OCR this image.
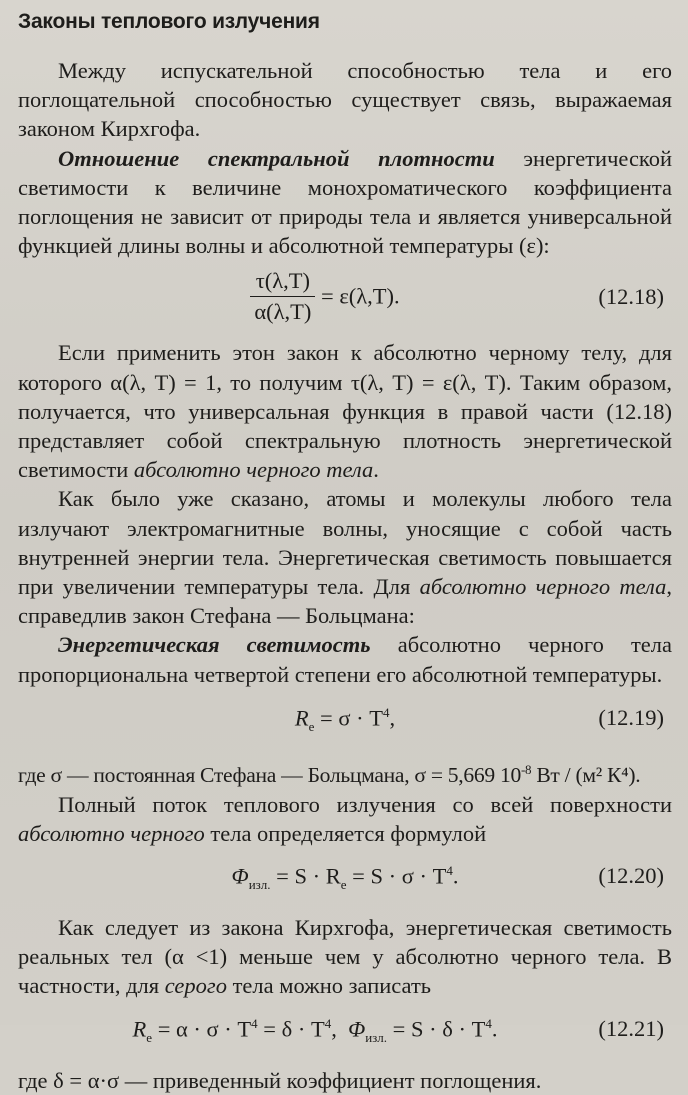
Законы теплового излучения

Между испускательной способностью тела и его поглощательной способностью существует связь, выражаемая законом Кирхгофа.

Отношение спектральной плотности энергетической светимости к величине монохроматического коэффициента поглощения не зависит от природы тела и является универсальной функцией длины волны и абсолютной температуры (ε):

$\frac{\tau(\lambda,T)}{\alpha(\lambda,T)} = \varepsilon(\lambda,T)$.	(12.18)

Если применить этон закон к абсолютно черному телу, для которого α(λ, T) = 1, то получим τ(λ, T) = ε(λ, T). Таким образом, получается, что универсальная функция в правой части (12.18) представляет собой спектральную плотность энергетической светимости абсолютно черного тела.

Как было уже сказано, атомы и молекулы любого тела излучают электромагнитные волны, уносящие с собой часть внутренней энергии тела. Энергетическая светимость повышается при увеличении температуры тела. Для абсолютно черного тела, справедлив закон Стефана — Больцмана:

Энергетическая светимость абсолютно черного тела пропорциональна четвертой степени его абсолютной температуры.

$R_e = \sigma \cdot T^4$,	(12.19)

где σ — постоянная Стефана — Больцмана, σ = 5,669 $10^{-8}$ Вт / (м² К⁴).

Полный поток теплового излучения со всей поверхности абсолютно черного тела определяется формулой

$\Phi_{изл.} = S \cdot R_e = S \cdot \sigma \cdot T^4$.	(12.20)

Как следует из закона Кирхгофа, энергетическая светимость реальных тел (α <1) меньше чем у абсолютно черного тела. В частности, для серого тела можно записать

$R_e = \alpha \cdot \sigma \cdot T^4 = \delta \cdot T^4$,  $\Phi_{изл.} = S \cdot \delta \cdot T^4$.	(12.21)

где δ = α·σ — приведенный коэффициент поглощения.
